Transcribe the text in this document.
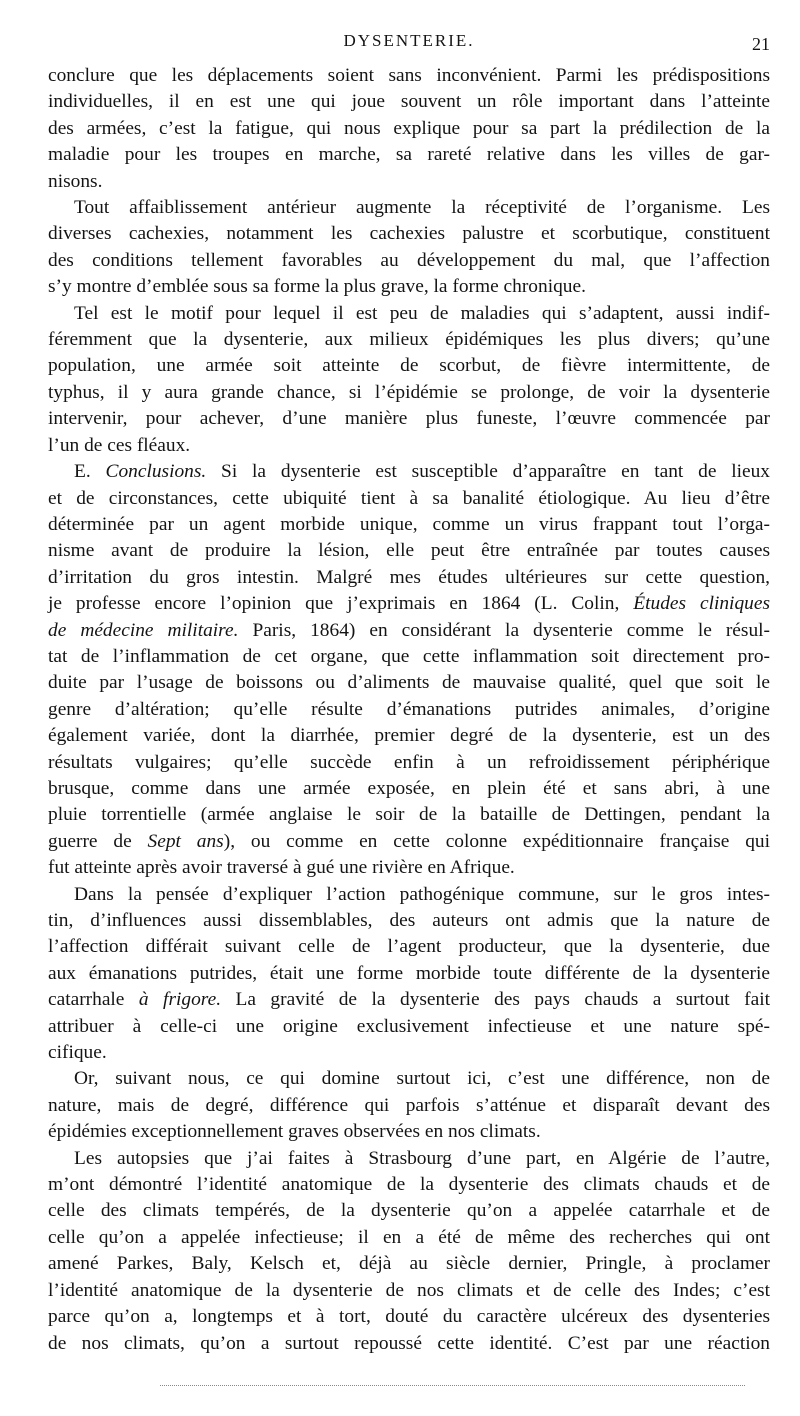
DYSENTERIE.	21

conclure que les déplacements soient sans inconvénient. Parmi les prédispositions
individuelles, il en est une qui joue souvent un rôle important dans l’atteinte
des armées, c’est la fatigue, qui nous explique pour sa part la prédilection de la
maladie pour les troupes en marche, sa rareté relative dans les villes de gar-
nisons.

Tout affaiblissement antérieur augmente la réceptivité de l’organisme. Les
diverses cachexies, notamment les cachexies palustre et scorbutique, constituent
des conditions tellement favorables au développement du mal, que l’affection
s’y montre d’emblée sous sa forme la plus grave, la forme chronique.

Tel est le motif pour lequel il est peu de maladies qui s’adaptent, aussi indif-
féremment que la dysenterie, aux milieux épidémiques les plus divers; qu’une
population, une armée soit atteinte de scorbut, de fièvre intermittente, de
typhus, il y aura grande chance, si l’épidémie se prolonge, de voir la dysenterie
intervenir, pour achever, d’une manière plus funeste, l’œuvre commencée par
l’un de ces fléaux.

E. Conclusions. Si la dysenterie est susceptible d’apparaître en tant de lieux
et de circonstances, cette ubiquité tient à sa banalité étiologique. Au lieu d’être
déterminée par un agent morbide unique, comme un virus frappant tout l’orga-
nisme avant de produire la lésion, elle peut être entraînée par toutes causes
d’irritation du gros intestin. Malgré mes études ultérieures sur cette question,
je professe encore l’opinion que j’exprimais en 1864 (L. Colin, Études cliniques
de médecine militaire. Paris, 1864) en considérant la dysenterie comme le résul-
tat de l’inflammation de cet organe, que cette inflammation soit directement pro-
duite par l’usage de boissons ou d’aliments de mauvaise qualité, quel que soit le
genre d’altération; qu’elle résulte d’émanations putrides animales, d’origine
également variée, dont la diarrhée, premier degré de la dysenterie, est un des
résultats vulgaires; qu’elle succède enfin à un refroidissement périphérique
brusque, comme dans une armée exposée, en plein été et sans abri, à une
pluie torrentielle (armée anglaise le soir de la bataille de Dettingen, pendant la
guerre de Sept ans), ou comme en cette colonne expéditionnaire française qui
fut atteinte après avoir traversé à gué une rivière en Afrique.

Dans la pensée d’expliquer l’action pathogénique commune, sur le gros intes-
tin, d’influences aussi dissemblables, des auteurs ont admis que la nature de
l’affection différait suivant celle de l’agent producteur, que la dysenterie, due
aux émanations putrides, était une forme morbide toute différente de la dysenterie
catarrhale à frigore. La gravité de la dysenterie des pays chauds a surtout fait
attribuer à celle-ci une origine exclusivement infectieuse et une nature spé-
cifique.

Or, suivant nous, ce qui domine surtout ici, c’est une différence, non de
nature, mais de degré, différence qui parfois s’atténue et disparaît devant des
épidémies exceptionnellement graves observées en nos climats.

Les autopsies que j’ai faites à Strasbourg d’une part, en Algérie de l’autre,
m’ont démontré l’identité anatomique de la dysenterie des climats chauds et de
celle des climats tempérés, de la dysenterie qu’on a appelée catarrhale et de
celle qu’on a appelée infectieuse; il en a été de même des recherches qui ont
amené Parkes, Baly, Kelsch et, déjà au siècle dernier, Pringle, à proclamer
l’identité anatomique de la dysenterie de nos climats et de celle des Indes; c’est
parce qu’on a, longtemps et à tort, douté du caractère ulcéreux des dysenteries
de nos climats, qu’on a surtout repoussé cette identité. C’est par une réaction
